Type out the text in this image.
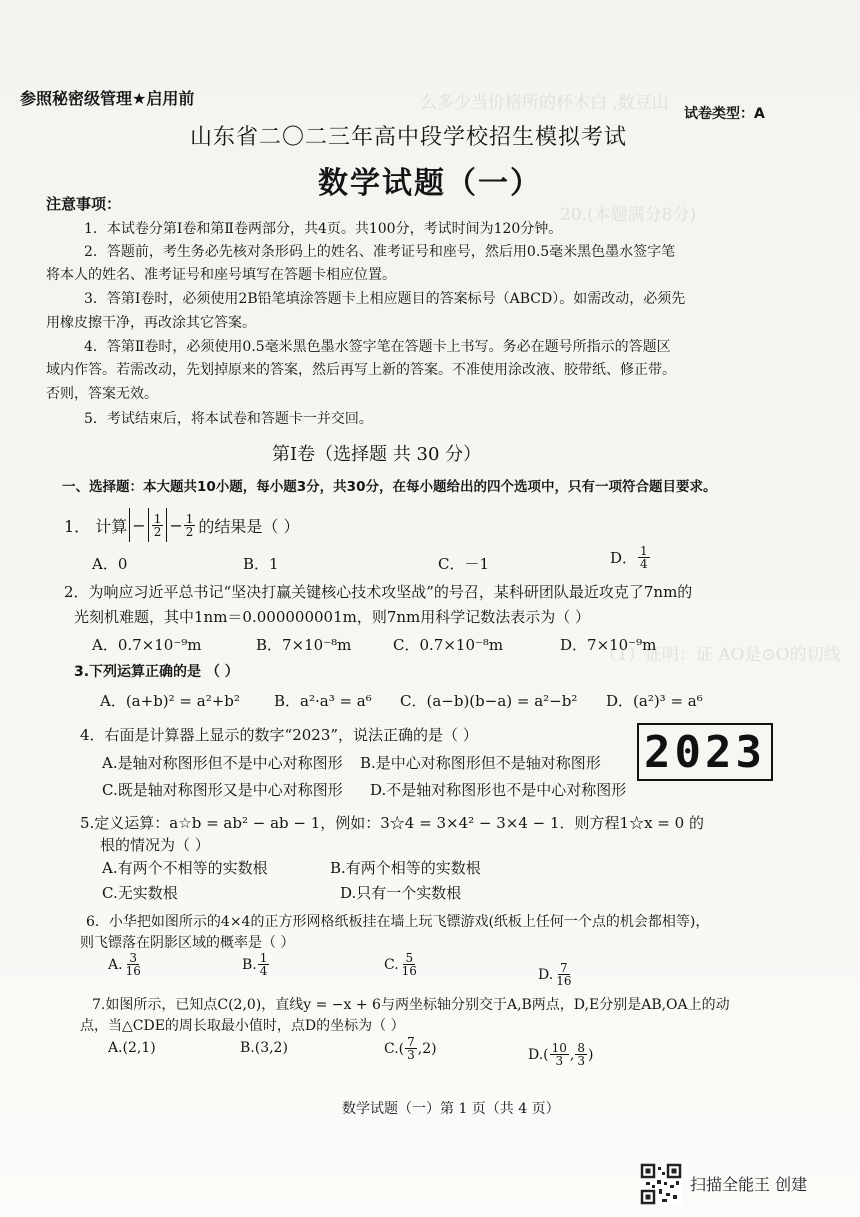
么多少当价格所的杯木白 ,数豆山
20.(本题满分8分)
（1）证明：证 AO是⊙O的切线
参照秘密级管理★启用前
试卷类型：A
山东省二〇二三年高中段学校招生模拟考试
数学试题（一）
注意事项：
1．本试卷分第Ⅰ卷和第Ⅱ卷两部分，共4页。共100分，考试时间为120分钟。
2．答题前，考生务必先核对条形码上的姓名、准考证号和座号，然后用0.5毫米黑色墨水签字笔
将本人的姓名、准考证号和座号填写在答题卡相应位置。
3．答第Ⅰ卷时，必须使用2B铅笔填涂答题卡上相应题目的答案标号（ABCD）。如需改动，必须先
用橡皮擦干净，再改涂其它答案。
4．答第Ⅱ卷时，必须使用0.5毫米黑色墨水签字笔在答题卡上书写。务必在题号所指示的答题区
域内作答。若需改动，先划掉原来的答案，然后再写上新的答案。不准使用涂改液、胶带纸、修正带。
否则，答案无效。
5．考试结束后，将本试卷和答题卡一并交回。
第Ⅰ卷（选择题 共 30 分）
一、选择题：本大题共10小题，每小题3分，共30分，在每小题给出的四个选项中，只有一项符合题目要求。
1． 计算 − $\frac{1}{2} - \frac{1}{2}$ 的结果是（ ）
A．0	B．1	C．－1	D． $\frac{1}{4}$
2．为响应习近平总书记“坚决打赢关键核心技术攻坚战”的号召，某科研团队最近攻克了7nm的
光刻机难题，其中1nm＝0.000000001m，则7nm用科学记数法表示为（ ）
A．0.7×10⁻⁹m	B．7×10⁻⁸m	C．0.7×10⁻⁸m	D．7×10⁻⁹m
3.下列运算正确的是 （ ）
A．(a+b)² = a²+b² B．a²·a³ = a⁶ C．(a−b)(b−a) = a²−b² D．(a²)³ = a⁶
4．右面是计算器上显示的数字“2023”，说法正确的是（ ）
A.是轴对称图形但不是中心对称图形 B.是中心对称图形但不是轴对称图形
C.既是轴对称图形又是中心对称图形 D.不是轴对称图形也不是中心对称图形
2023
5.定义运算：a☆b = ab² − ab − 1，例如：3☆4 = 3×4² − 3×4 − 1．则方程1☆x = 0 的
根的情况为（ ）
A.有两个不相等的实数根	B.有两个相等的实数根
C.无实数根	D.只有一个实数根
6．小华把如图所示的4×4的正方形网格纸板挂在墙上玩飞镖游戏(纸板上任何一个点的机会都相等)，
则飞镖落在阴影区域的概率是（ ）
A. $\frac{3}{16}$	B. $\frac{1}{4}$	C. $\frac{5}{16}$	D. $\frac{7}{16}$
7.如图所示，已知点C(2,0)，直线y = −x + 6与两坐标轴分别交于A,B两点，D,E分别是AB,OA上的动
点，当△CDE的周长取最小值时，点D的坐标为（ ）
A.(2,1)	B.(3,2)	$C.( \frac{7}{3} ,2)$	$D.( \frac{10}{3}$ , $\frac{8}{3}$ )
数学试题（一）第 1 页（共 4 页）
扫描全能王 创建
